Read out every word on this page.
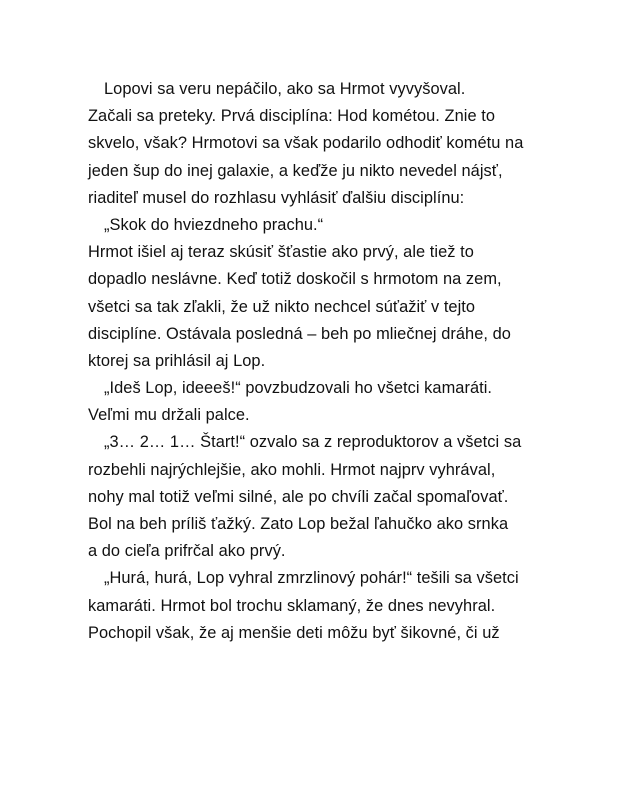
Lopovi sa veru nepáčilo, ako sa Hrmot vyvyšoval.
Začali sa preteky. Prvá disciplína: Hod kométou. Znie to
skvelo, však? Hrmotovi sa však podarilo odhodiť kométu na
jeden šup do inej galaxie, a keďže ju nikto nevedel nájsť,
riaditeľ musel do rozhlasu vyhlásiť ďalšiu disciplínu:
„Skok do hviezdneho prachu.“
Hrmot išiel aj teraz skúsiť šťastie ako prvý, ale tiež to
dopadlo neslávne. Keď totiž doskočil s hrmotom na zem,
všetci sa tak zľakli, že už nikto nechcel súťažiť v tejto
disciplíne. Ostávala posledná – beh po mliečnej dráhe, do
ktorej sa prihlásil aj Lop.
„Ideš Lop, ideeeš!“ povzbudzovali ho všetci kamaráti.
Veľmi mu držali palce.
„3… 2… 1… Štart!“ ozvalo sa z reproduktorov a všetci sa
rozbehli najrýchlejšie, ako mohli. Hrmot najprv vyhrával,
nohy mal totiž veľmi silné, ale po chvíli začal spomaľovať.
Bol na beh príliš ťažký. Zato Lop bežal ľahučko ako srnka
a do cieľa prifrčal ako prvý.
„Hurá, hurá, Lop vyhral zmrzlinový pohár!“ tešili sa všetci
kamaráti. Hrmot bol trochu sklamaný, že dnes nevyhral.
Pochopil však, že aj menšie deti môžu byť šikovné, či už
